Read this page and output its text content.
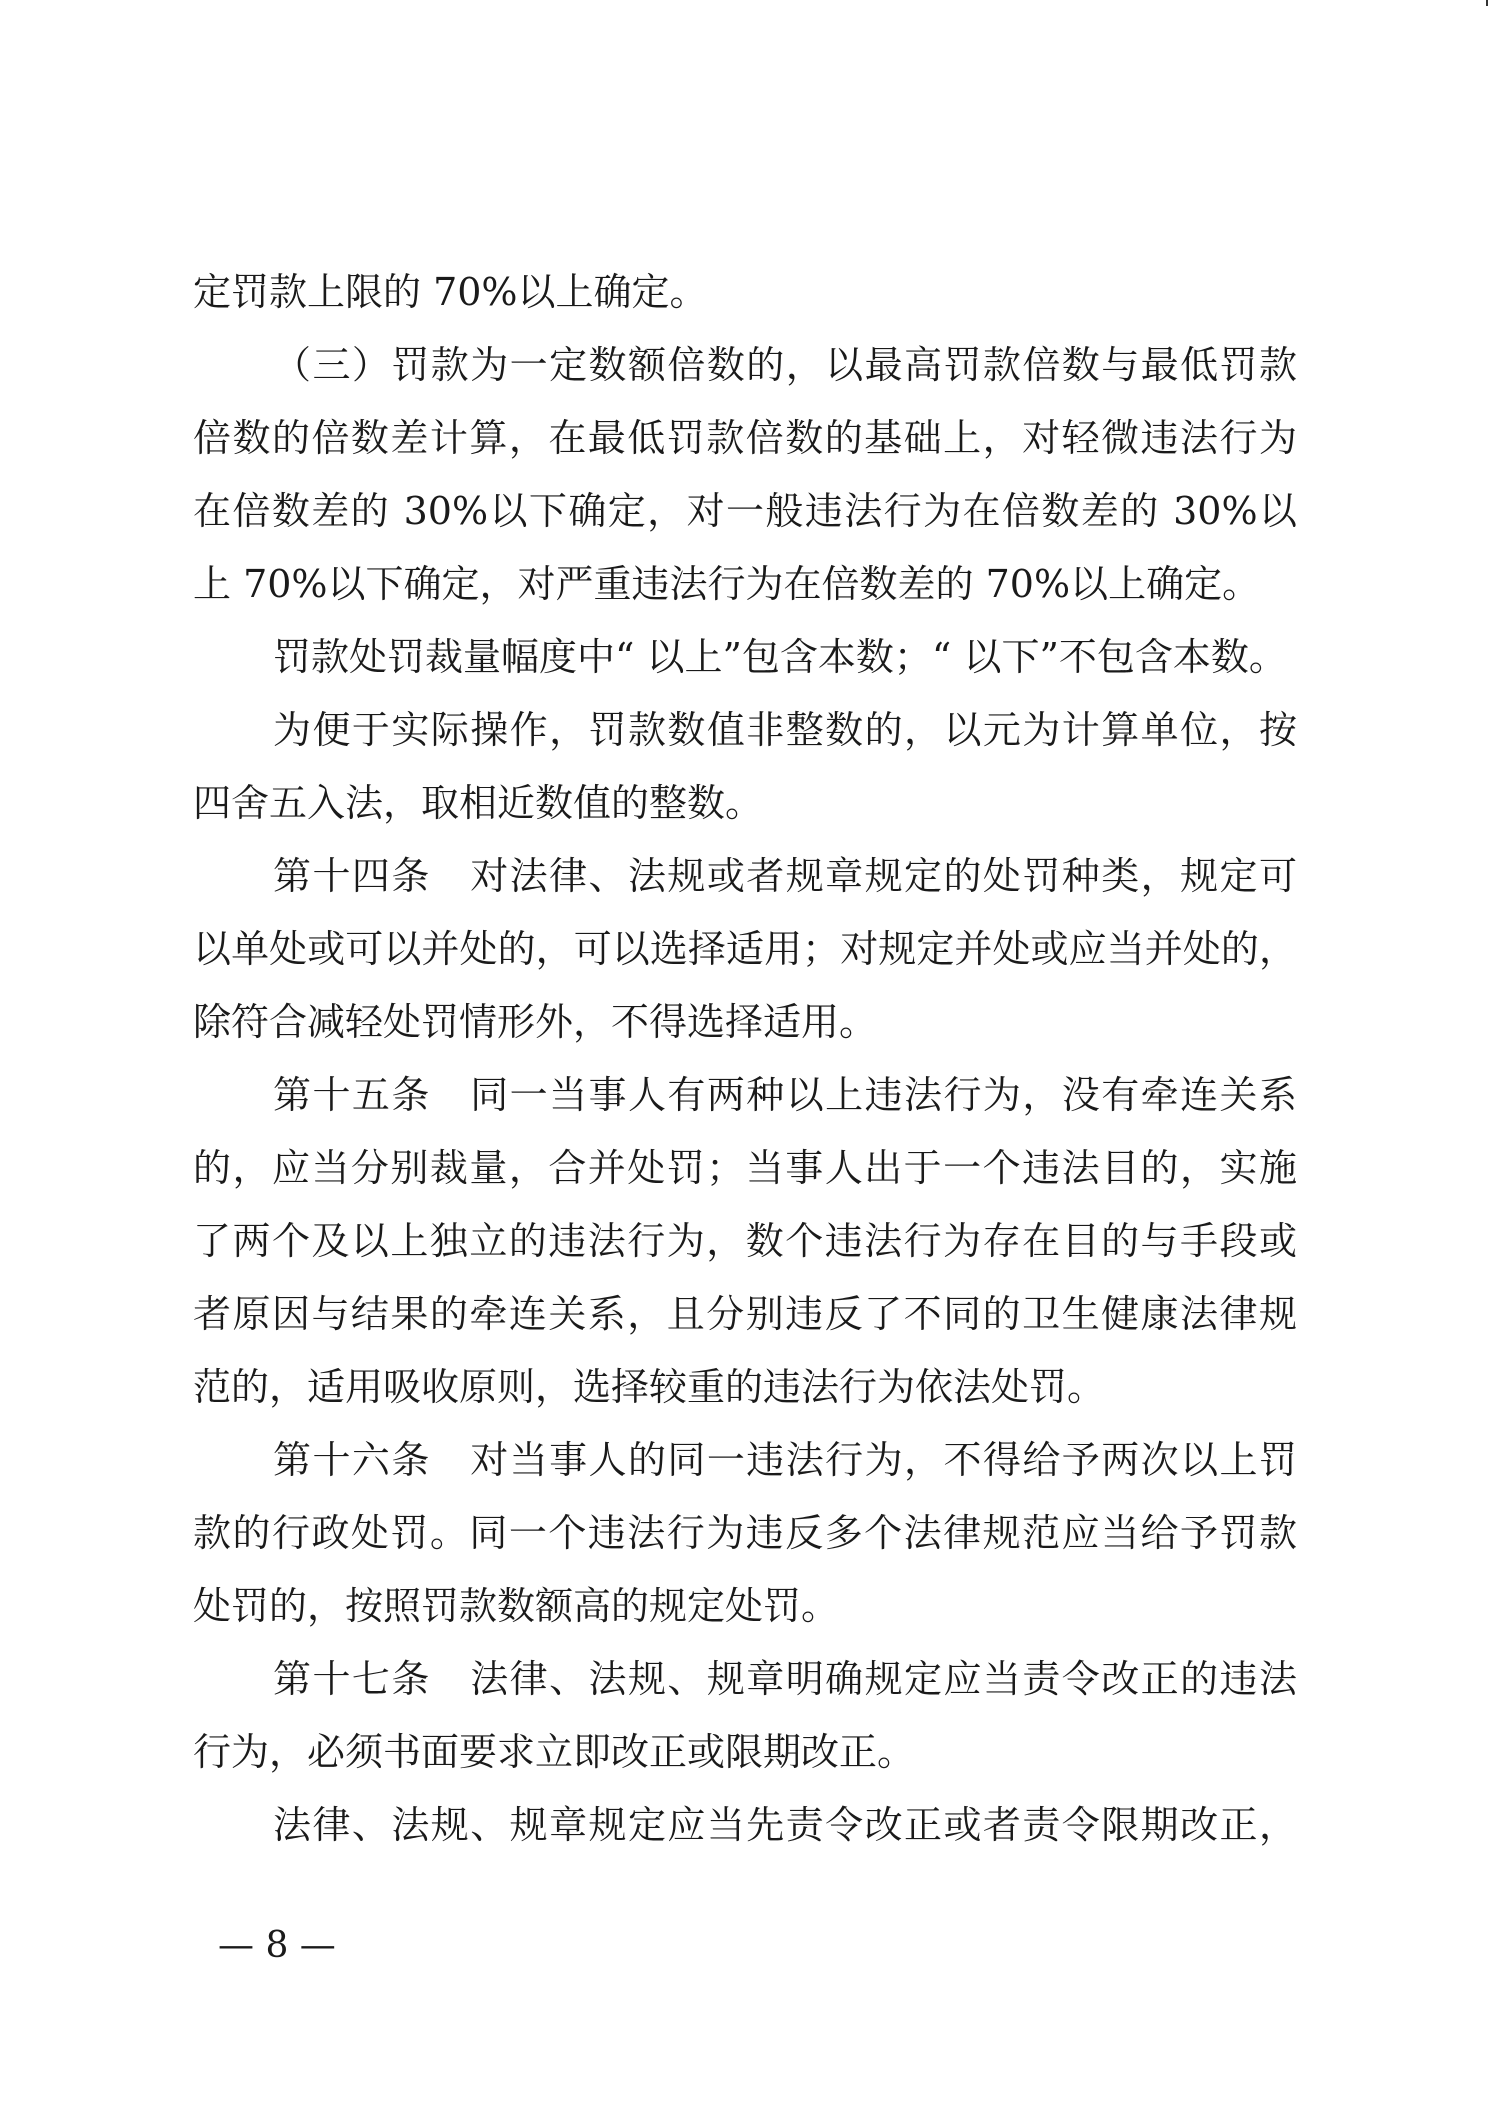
定罚款上限的 70%以上确定。
（三）罚款为一定数额倍数的，以最高罚款倍数与最低罚款
倍数的倍数差计算，在最低罚款倍数的基础上，对轻微违法行为
在倍数差的 30%以下确定，对一般违法行为在倍数差的 30%以
上 70%以下确定，对严重违法行为在倍数差的 70%以上确定。
罚款处罚裁量幅度中“ 以上”包含本数；“ 以下”不包含本数。
为便于实际操作，罚款数值非整数的，以元为计算单位，按
四舍五入法，取相近数值的整数。
第十四条　对法律、法规或者规章规定的处罚种类，规定可
以单处或可以并处的，可以选择适用；对规定并处或应当并处的，
除符合减轻处罚情形外，不得选择适用。
第十五条　同一当事人有两种以上违法行为，没有牵连关系
的，应当分别裁量，合并处罚；当事人出于一个违法目的，实施
了两个及以上独立的违法行为，数个违法行为存在目的与手段或
者原因与结果的牵连关系，且分别违反了不同的卫生健康法律规
范的，适用吸收原则，选择较重的违法行为依法处罚。
第十六条　对当事人的同一违法行为，不得给予两次以上罚
款的行政处罚。同一个违法行为违反多个法律规范应当给予罚款
处罚的，按照罚款数额高的规定处罚。
第十七条　法律、法规、规章明确规定应当责令改正的违法
行为，必须书面要求立即改正或限期改正。
法律、法规、规章规定应当先责令改正或者责令限期改正，
— 8 —
